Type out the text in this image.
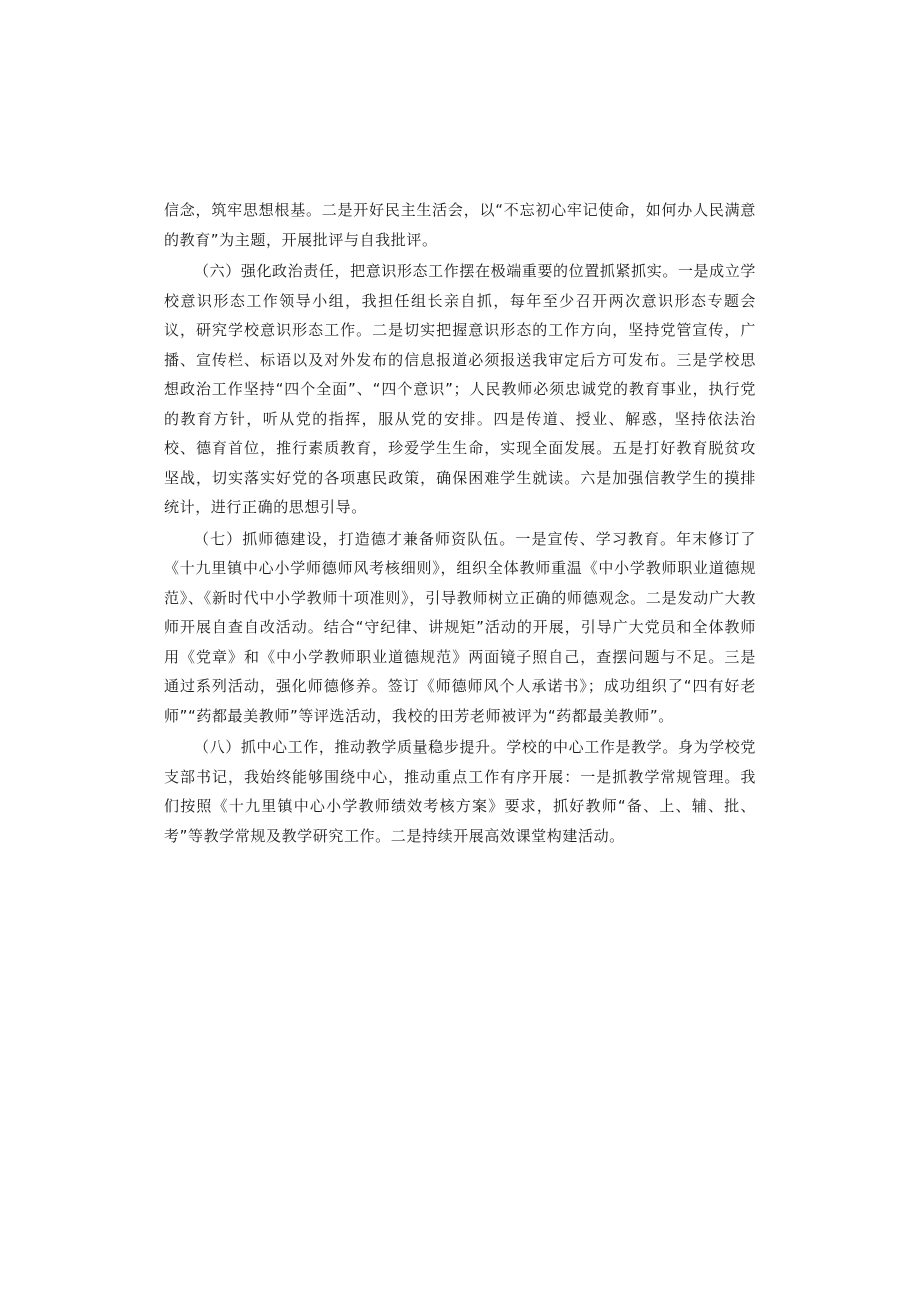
信念，筑牢思想根基。二是开好民主生活会，以“不忘初心牢记使命，如何办人民满意的教育”为主题，开展批评与自我批评。

（六）强化政治责任，把意识形态工作摆在极端重要的位置抓紧抓实。一是成立学校意识形态工作领导小组，我担任组长亲自抓，每年至少召开两次意识形态专题会议，研究学校意识形态工作。二是切实把握意识形态的工作方向，坚持党管宣传，广播、宣传栏、标语以及对外发布的信息报道必须报送我审定后方可发布。三是学校思想政治工作坚持“四个全面”、“四个意识”；人民教师必须忠诚党的教育事业，执行党的教育方针，听从党的指挥，服从党的安排。四是传道、授业、解惑，坚持依法治校、德育首位，推行素质教育，珍爱学生生命，实现全面发展。五是打好教育脱贫攻坚战，切实落实好党的各项惠民政策，确保困难学生就读。六是加强信教学生的摸排统计，进行正确的思想引导。

（七）抓师德建设，打造德才兼备师资队伍。一是宣传、学习教育。年末修订了《十九里镇中心小学师德师风考核细则》，组织全体教师重温《中小学教师职业道德规范》、《新时代中小学教师十项准则》，引导教师树立正确的师德观念。二是发动广大教师开展自查自改活动。结合“守纪律、讲规矩”活动的开展，引导广大党员和全体教师用《党章》和《中小学教师职业道德规范》两面镜子照自己，查摆问题与不足。三是通过系列活动，强化师德修养。签订《师德师风个人承诺书》；成功组织了“四有好老师”“药都最美教师”等评选活动，我校的田芳老师被评为“药都最美教师”。

（八）抓中心工作，推动教学质量稳步提升。学校的中心工作是教学。身为学校党支部书记，我始终能够围绕中心，推动重点工作有序开展：一是抓教学常规管理。我们按照《十九里镇中心小学教师绩效考核方案》要求，抓好教师“备、上、辅、批、考”等教学常规及教学研究工作。二是持续开展高效课堂构建活动。
